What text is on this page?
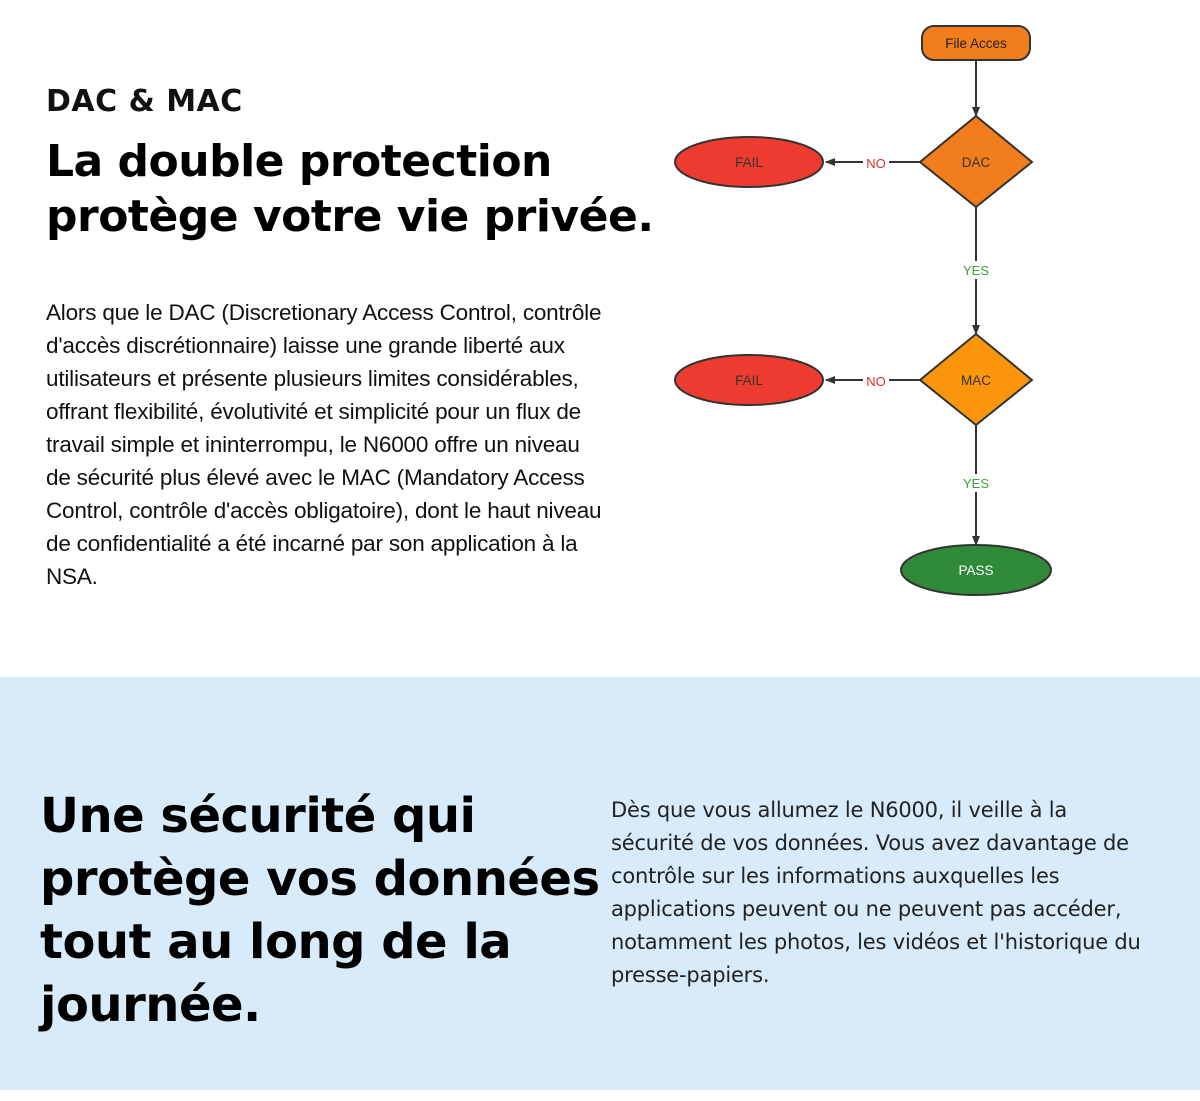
DAC & MAC
La double protection
protège votre vie privée.

Alors que le DAC (Discretionary Access Control, contrôle d'accès discrétionnaire) laisse une grande liberté aux utilisateurs et présente plusieurs limites considérables, offrant flexibilité, évolutivité et simplicité pour un flux de travail simple et ininterrompu, le N6000 offre un niveau de sécurité plus élevé avec le MAC (Mandatory Access Control, contrôle d'accès obligatoire), dont le haut niveau de confidentialité a été incarné par son application à la NSA.

NO
NO
YES
YES
File Acces
DAC
MAC
FAIL
FAIL
PASS
Une sécurité qui
protège vos données
tout au long de la
journée.

Dès que vous allumez le N6000, il veille à la sécurité de vos données. Vous avez davantage de contrôle sur les informations auxquelles les applications peuvent ou ne peuvent pas accéder, notamment les photos, les vidéos et l'historique du presse-papiers.
